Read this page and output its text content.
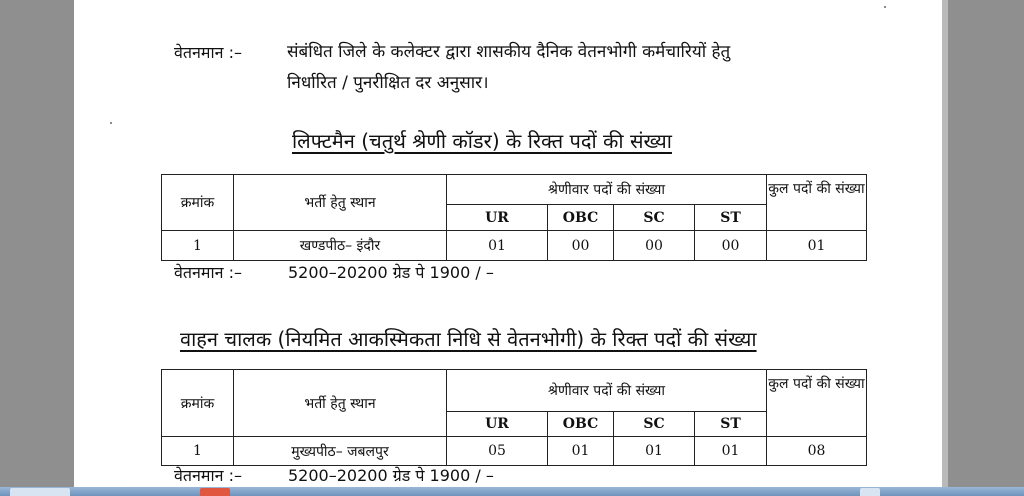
वेतनमान :–	संबंधित जिले के कलेक्टर द्वारा शासकीय दैनिक वेतनभोगी कर्मचारियों हेतु
निर्धारित / पुनरीक्षित दर अनुसार।
लिफ्टमैन (चतुर्थ श्रेणी कॉडर) के रिक्त पदों की संख्या
क्रमांक	भर्ती हेतु स्थान	श्रेणीवार पदों की संख्या				कुल पदों की संख्या
		UR	OBC	SC	ST	
1	खण्डपीठ– इंदौर	01	00	00	00	01
वेतनमान :–	5200–20200 ग्रेड पे 1900 / –
वाहन चालक (नियमित आकस्मिकता निधि से वेतनभोगी) के रिक्त पदों की संख्या
क्रमांक	भर्ती हेतु स्थान	श्रेणीवार पदों की संख्या				कुल पदों की संख्या
		UR	OBC	SC	ST	
1	मुख्यपीठ– जबलपुर	05	01	01	01	08
वेतनमान :–	5200–20200 ग्रेड पे 1900 / –
